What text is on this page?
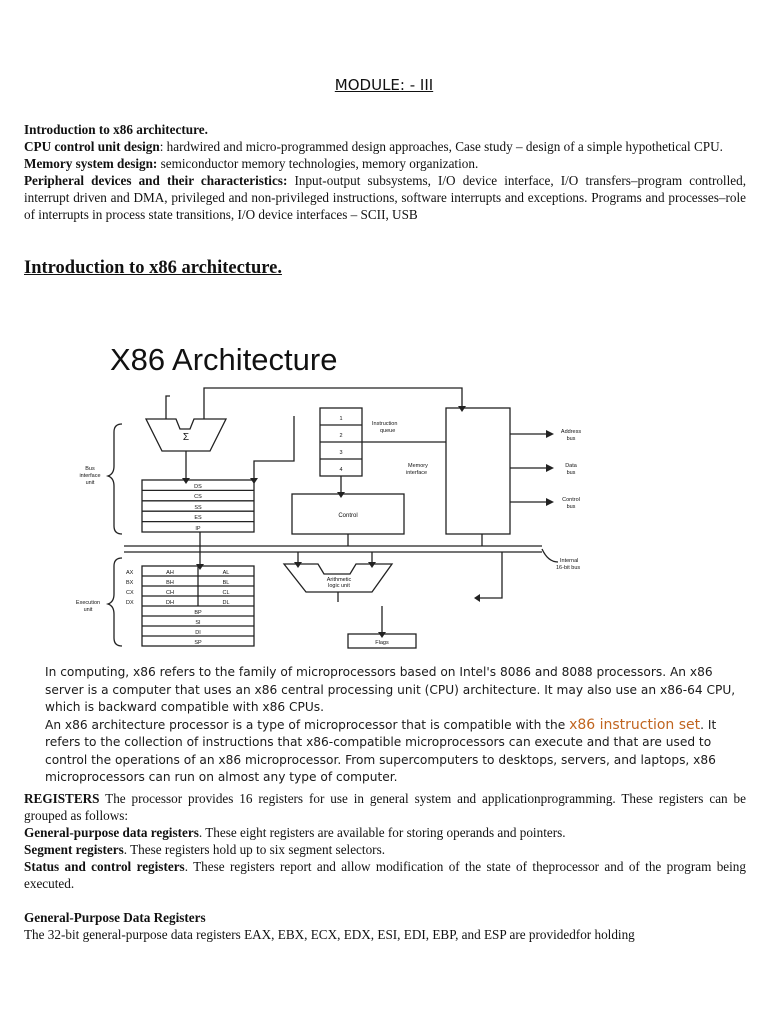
MODULE: - III

Introduction to x86 architecture.

CPU control unit design: hardwired and micro-programmed design approaches, Case study – design of a simple hypothetical CPU.

Memory system design: semiconductor memory technologies, memory organization.

Peripheral devices and their characteristics: Input-output subsystems, I/O device interface, I/O transfers–program controlled, interrupt driven and DMA, privileged and non-privileged instructions, software interrupts and exceptions. Programs and processes–role of interrupts in process state transitions, I/O device interfaces – SCII, USB

Introduction to x86 architecture.
X86 Architecture
Σ
DS
CS
SS
ES
IP
1
2
3
4
Control
Flags
AH
BH
CH
DH
AL
BL
CL
DL
BP
SI
DI
SP
Arithmetic
logic unit
Address
bus
Data
bus
Control
bus
Bus
interface
unit
Execution
unit
AX
BX
CX
DX
Instruction
queue
Memory
interface
Internal
16-bit bus

In computing, x86 refers to the family of microprocessors based on Intel's 8086 and 8088 processors. An x86 server is a computer that uses an x86 central processing unit (CPU) architecture. It may also use an x86-64 CPU, which is backward compatible with x86 CPUs.

An x86 architecture processor is a type of microprocessor that is compatible with the x86 instruction set. It refers to the collection of instructions that x86-compatible microprocessors can execute and that are used to control the operations of an x86 microprocessor. From supercomputers to desktops, servers, and laptops, x86 microprocessors can run on almost any type of computer.

REGISTERS The processor provides 16 registers for use in general system and applicationprogramming. These registers can be grouped as follows:

General-purpose data registers. These eight registers are available for storing operands and pointers.

Segment registers. These registers hold up to six segment selectors.

Status and control registers. These registers report and allow modification of the state of theprocessor and of the program being executed.

General-Purpose Data Registers

The 32-bit general-purpose data registers EAX, EBX, ECX, EDX, ESI, EDI, EBP, and ESP are providedfor holding
